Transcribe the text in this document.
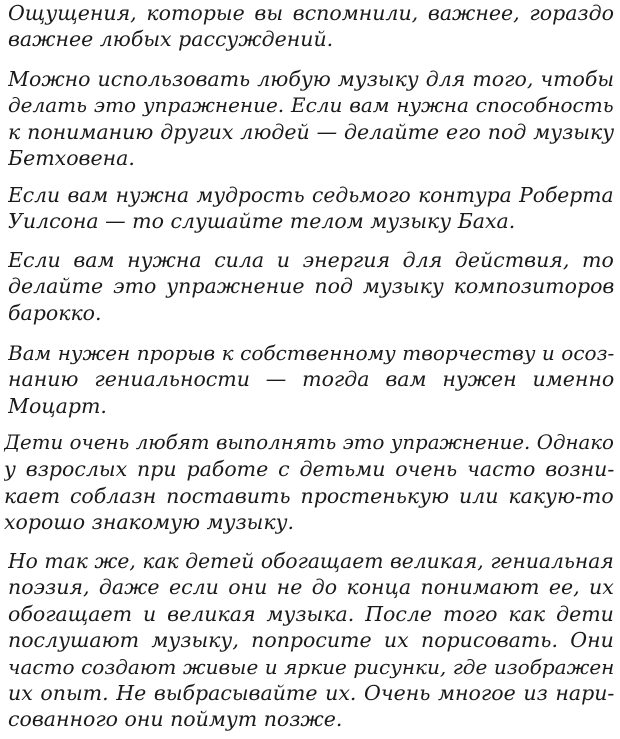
Ощущения, которые вы вспомнили, важнее, гораздо
важнее любых рассуждений.

Можно использовать любую музыку для того, чтобы
делать это упражнение. Если вам нужна способность
к пониманию других людей — делайте его под музыку
Бетховена.

Если вам нужна мудрость седьмого контура Роберта
Уилсона — то слушайте телом музыку Баха.

Если вам нужна сила и энергия для действия, то
делайте это упражнение под музыку композиторов
барокко.

Вам нужен прорыв к собственному творчеству и осоз-
нанию гениальности — тогда вам нужен именно
Моцарт.

Дети очень любят выполнять это упражнение. Однако
у взрослых при работе с детьми очень часто возни-
кает соблазн поставить простенькую или какую-то
хорошо знакомую музыку.

Но так же, как детей обогащает великая, гениальная
поэзия, даже если они не до конца понимают ее, их
обогащает и великая музыка. После того как дети
послушают музыку, попросите их порисовать. Они
часто создают живые и яркие рисунки, где изображен
их опыт. Не выбрасывайте их. Очень многое из нари-
сованного они поймут позже.
